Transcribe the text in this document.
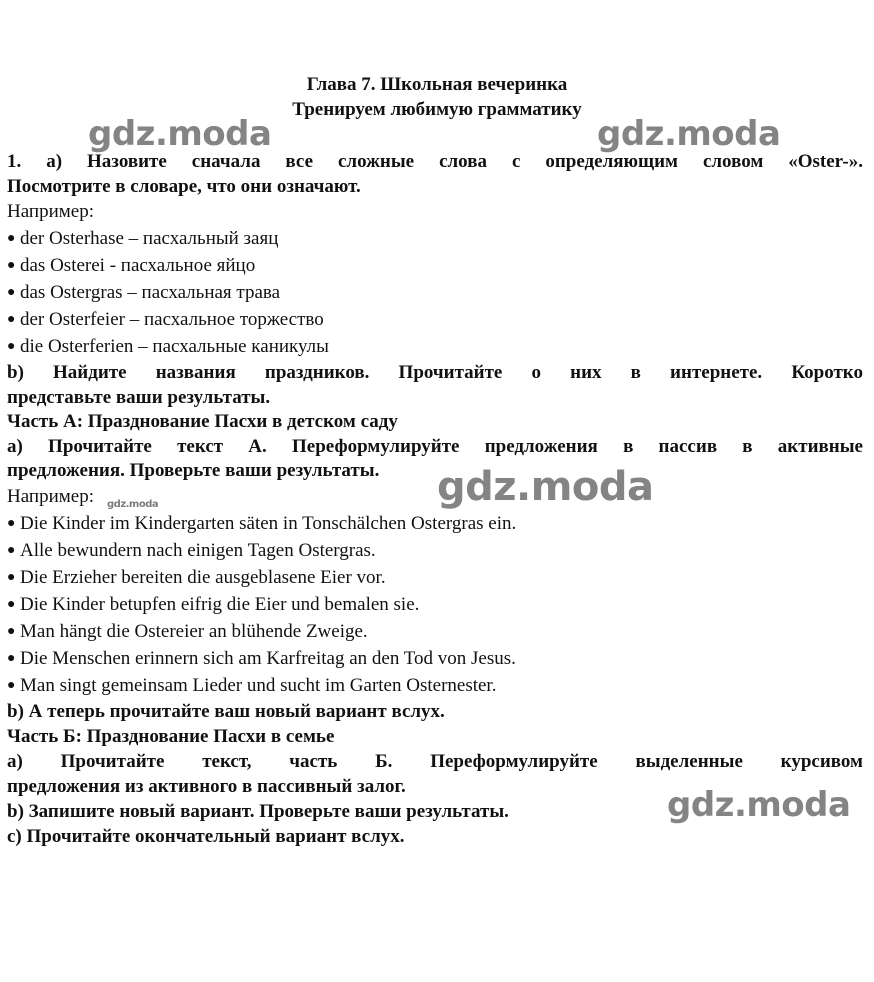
Глава 7. Школьная вечеринка
Тренируем любимую грамматику
1. а) Назовите сначала все сложные слова с определяющим словом «Oster-».
Посмотрите в словаре, что они означают.
Например:
● der Osterhase – пасхальный заяц
● das Osterei - пасхальное яйцо
● das Ostergras – пасхальная трава
● der Osterfeier – пасхальное торжество
● die Osterferien – пасхальные каникулы
b) Найдите названия праздников. Прочитайте о них в интернете. Коротко
представьте ваши результаты.
Часть А: Празднование Пасхи в детском саду
а) Прочитайте текст А. Переформулируйте предложения в пассив в активные
предложения. Проверьте ваши результаты.
Например:
● Die Kinder im Kindergarten säten in Tonschälchen Ostergras ein.
● Alle bewundern nach einigen Tagen Ostergras.
● Die Erzieher bereiten die ausgeblasene Eier vor.
● Die Kinder betupfen eifrig die Eier und bemalen sie.
● Man hängt die Ostereier an blühende Zweige.
● Die Menschen erinnern sich am Karfreitag an den Tod von Jesus.
● Man singt gemeinsam Lieder und sucht im Garten Osternester.
b) А теперь прочитайте ваш новый вариант вслух.
Часть Б: Празднование Пасхи в семье
а) Прочитайте текст, часть Б. Переформулируйте выделенные курсивом
предложения из активного в пассивный залог.
b) Запишите новый вариант. Проверьте ваши результаты.
с) Прочитайте окончательный вариант вслух.
gdz.moda	gdz.moda
gdz.moda
gdz.moda
gdz.moda
